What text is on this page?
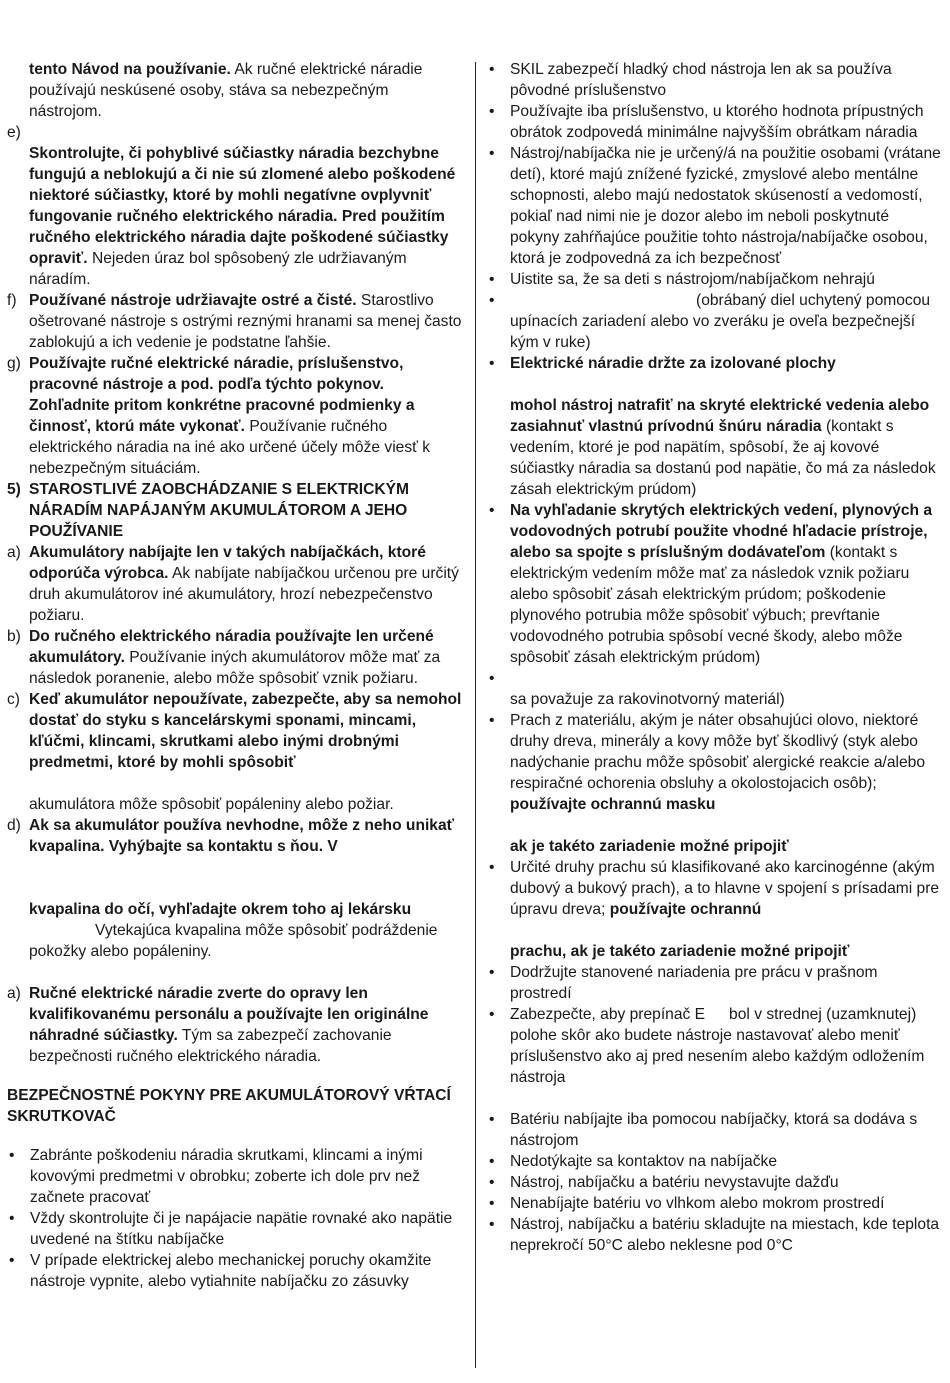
tento Návod na používanie. Ak ručné elektrické náradie používajú neskúsené osoby, stáva sa nebezpečným nástrojom.

e)

Skontrolujte, či pohyblivé súčiastky náradia bezchybne fungujú a neblokujú a či nie sú zlomené alebo poškodené niektoré súčiastky, ktoré by mohli negatívne ovplyvniť fungovanie ručného elektrického náradia. Pred použitím ručného elektrického náradia dajte poškodené súčiastky opraviť. Nejeden úraz bol spôsobený zle udržiavaným náradím.

f) Používané nástroje udržiavajte ostré a čisté. Starostlivo ošetrované nástroje s ostrými reznými hranami sa menej často zablokujú a ich vedenie je podstatne ľahšie.
g) Používajte ručné elektrické náradie, príslušenstvo, pracovné nástroje a pod. podľa týchto pokynov. Zohľadnite pritom konkrétne pracovné podmienky a činnosť, ktorú máte vykonať. Používanie ručného elektrického náradia na iné ako určené účely môže viesť k nebezpečným situáciám.
5) STAROSTLIVÉ ZAOBCHÁDZANIE S ELEKTRICKÝM NÁRADÍM NAPÁJANÝM AKUMULÁTOROM A JEHO POUŽÍVANIE
a) Akumulátory nabíjajte len v takých nabíjačkách, ktoré odporúča výrobca. Ak nabíjate nabíjačkou určenou pre určitý druh akumulátorov iné akumulátory, hrozí nebezpečenstvo požiaru.
b) Do ručného elektrického náradia používajte len určené akumulátory. Používanie iných akumulátorov môže mať za následok poranenie, alebo môže spôsobiť vznik požiaru.
c) Keď akumulátor nepoužívate, zabezpečte, aby sa nemohol dostať do styku s kancelárskymi sponami, mincami, kľúčmi, klincami, skrutkami alebo inými drobnými predmetmi, ktoré by mohli spôsobiť
akumulátora môže spôsobiť popáleniny alebo požiar.
d) Ak sa akumulátor používa nevhodne, môže z neho unikať kvapalina. Vyhýbajte sa kontaktu s ňou. V
kvapalina do očí, vyhľadajte okrem toho aj lekársku
Vytekajúca kvapalina môže spôsobiť podráždenie pokožky alebo popáleniny.
a) Ručné elektrické náradie zverte do opravy len kvalifikovanému personálu a používajte len originálne náhradné súčiastky. Tým sa zabezpečí zachovanie bezpečnosti ručného elektrického náradia.

BEZPEČNOSTNÉ POKYNY PRE AKUMULÁTOROVÝ VŔTACÍ SKRUTKOVAČ

• Zabránte poškodeniu náradia skrutkami, klincami a inými kovovými predmetmi v obrobku; zoberte ich dole prv než začnete pracovať
• Vždy skontrolujte či je napájacie napätie rovnaké ako napätie uvedené na štítku nabíjačke
• V prípade elektrickej alebo mechanickej poruchy okamžite nástroje vypnite, alebo vytiahnite nabíjačku zo zásuvky
• SKIL zabezpečí hladký chod nástroja len ak sa používa pôvodné príslušenstvo
• Používajte iba príslušenstvo, u ktorého hodnota prípustných obrátok zodpovedá minimálne najvyšším obrátkam náradia
• Nástroj/nabíjačka nie je určený/á na použitie osobami (vrátane detí), ktoré majú znížené fyzické, zmyslové alebo mentálne schopnosti, alebo majú nedostatok skúseností a vedomostí, pokiaľ nad nimi nie je dozor alebo im neboli poskytnuté pokyny zahŕňajúce použitie tohto nástroja/nabíjačke osobou, ktorá je zodpovedná za ich bezpečnosť
• Uistite sa, že sa deti s nástrojom/nabíjačkom nehrajú
•	(obrábaný diel uchytený pomocou upínacích zariadení alebo vo zveráku je oveľa bezpečnejší kým v ruke)
• Elektrické náradie držte za izolované plochy
mohol nástroj natrafiť na skryté elektrické vedenia alebo zasiahnuť vlastnú prívodnú šnúru náradia (kontakt s vedením, ktoré je pod napätím, spôsobí, že aj kovové súčiastky náradia sa dostanú pod napätie, čo má za následok zásah elektrickým prúdom)
• Na vyhľadanie skrytých elektrických vedení, plynových a vodovodných potrubí použite vhodné hľadacie prístroje, alebo sa spojte s príslušným dodávateľom (kontakt s elektrickým vedením môže mať za následok vznik požiaru alebo spôsobiť zásah elektrickým prúdom; poškodenie plynového potrubia môže spôsobiť výbuch; prevŕtanie vodovodného potrubia spôsobí vecné škody, alebo môže spôsobiť zásah elektrickým prúdom)
•

sa považuje za rakovinotvorný materiál)
• Prach z materiálu, akým je náter obsahujúci olovo, niektoré druhy dreva, minerály a kovy môže byť škodlivý (styk alebo nadýchanie prachu môže spôsobiť alergické reakcie a/alebo respiračné ochorenia obsluhy a okolostojacich osôb); používajte ochrannú masku
ak je takéto zariadenie možné pripojiť
• Určité druhy prachu sú klasifikované ako karcinogénne (akým dubový a bukový prach), a to hlavne v spojení s prísadami pre úpravu dreva; používajte ochrannú
prachu, ak je takéto zariadenie možné pripojiť
• Dodržujte stanovené nariadenia pre prácu v prašnom prostredí
• Zabezpečte, aby prepínač E bol v strednej (uzamknutej) polohe skôr ako budete nástroje nastavovať alebo meniť príslušenstvo ako aj pred nesením alebo každým odložením nástroja
• Batériu nabíjajte iba pomocou nabíjačky, ktorá sa dodáva s nástrojom
• Nedotýkajte sa kontaktov na nabíjačke
• Nástroj, nabíjačku a batériu nevystavujte dažďu
• Nenabíjajte batériu vo vlhkom alebo mokrom prostredí
• Nástroj, nabíjačku a batériu skladujte na miestach, kde teplota neprekročí 50°C alebo neklesne pod 0°C
